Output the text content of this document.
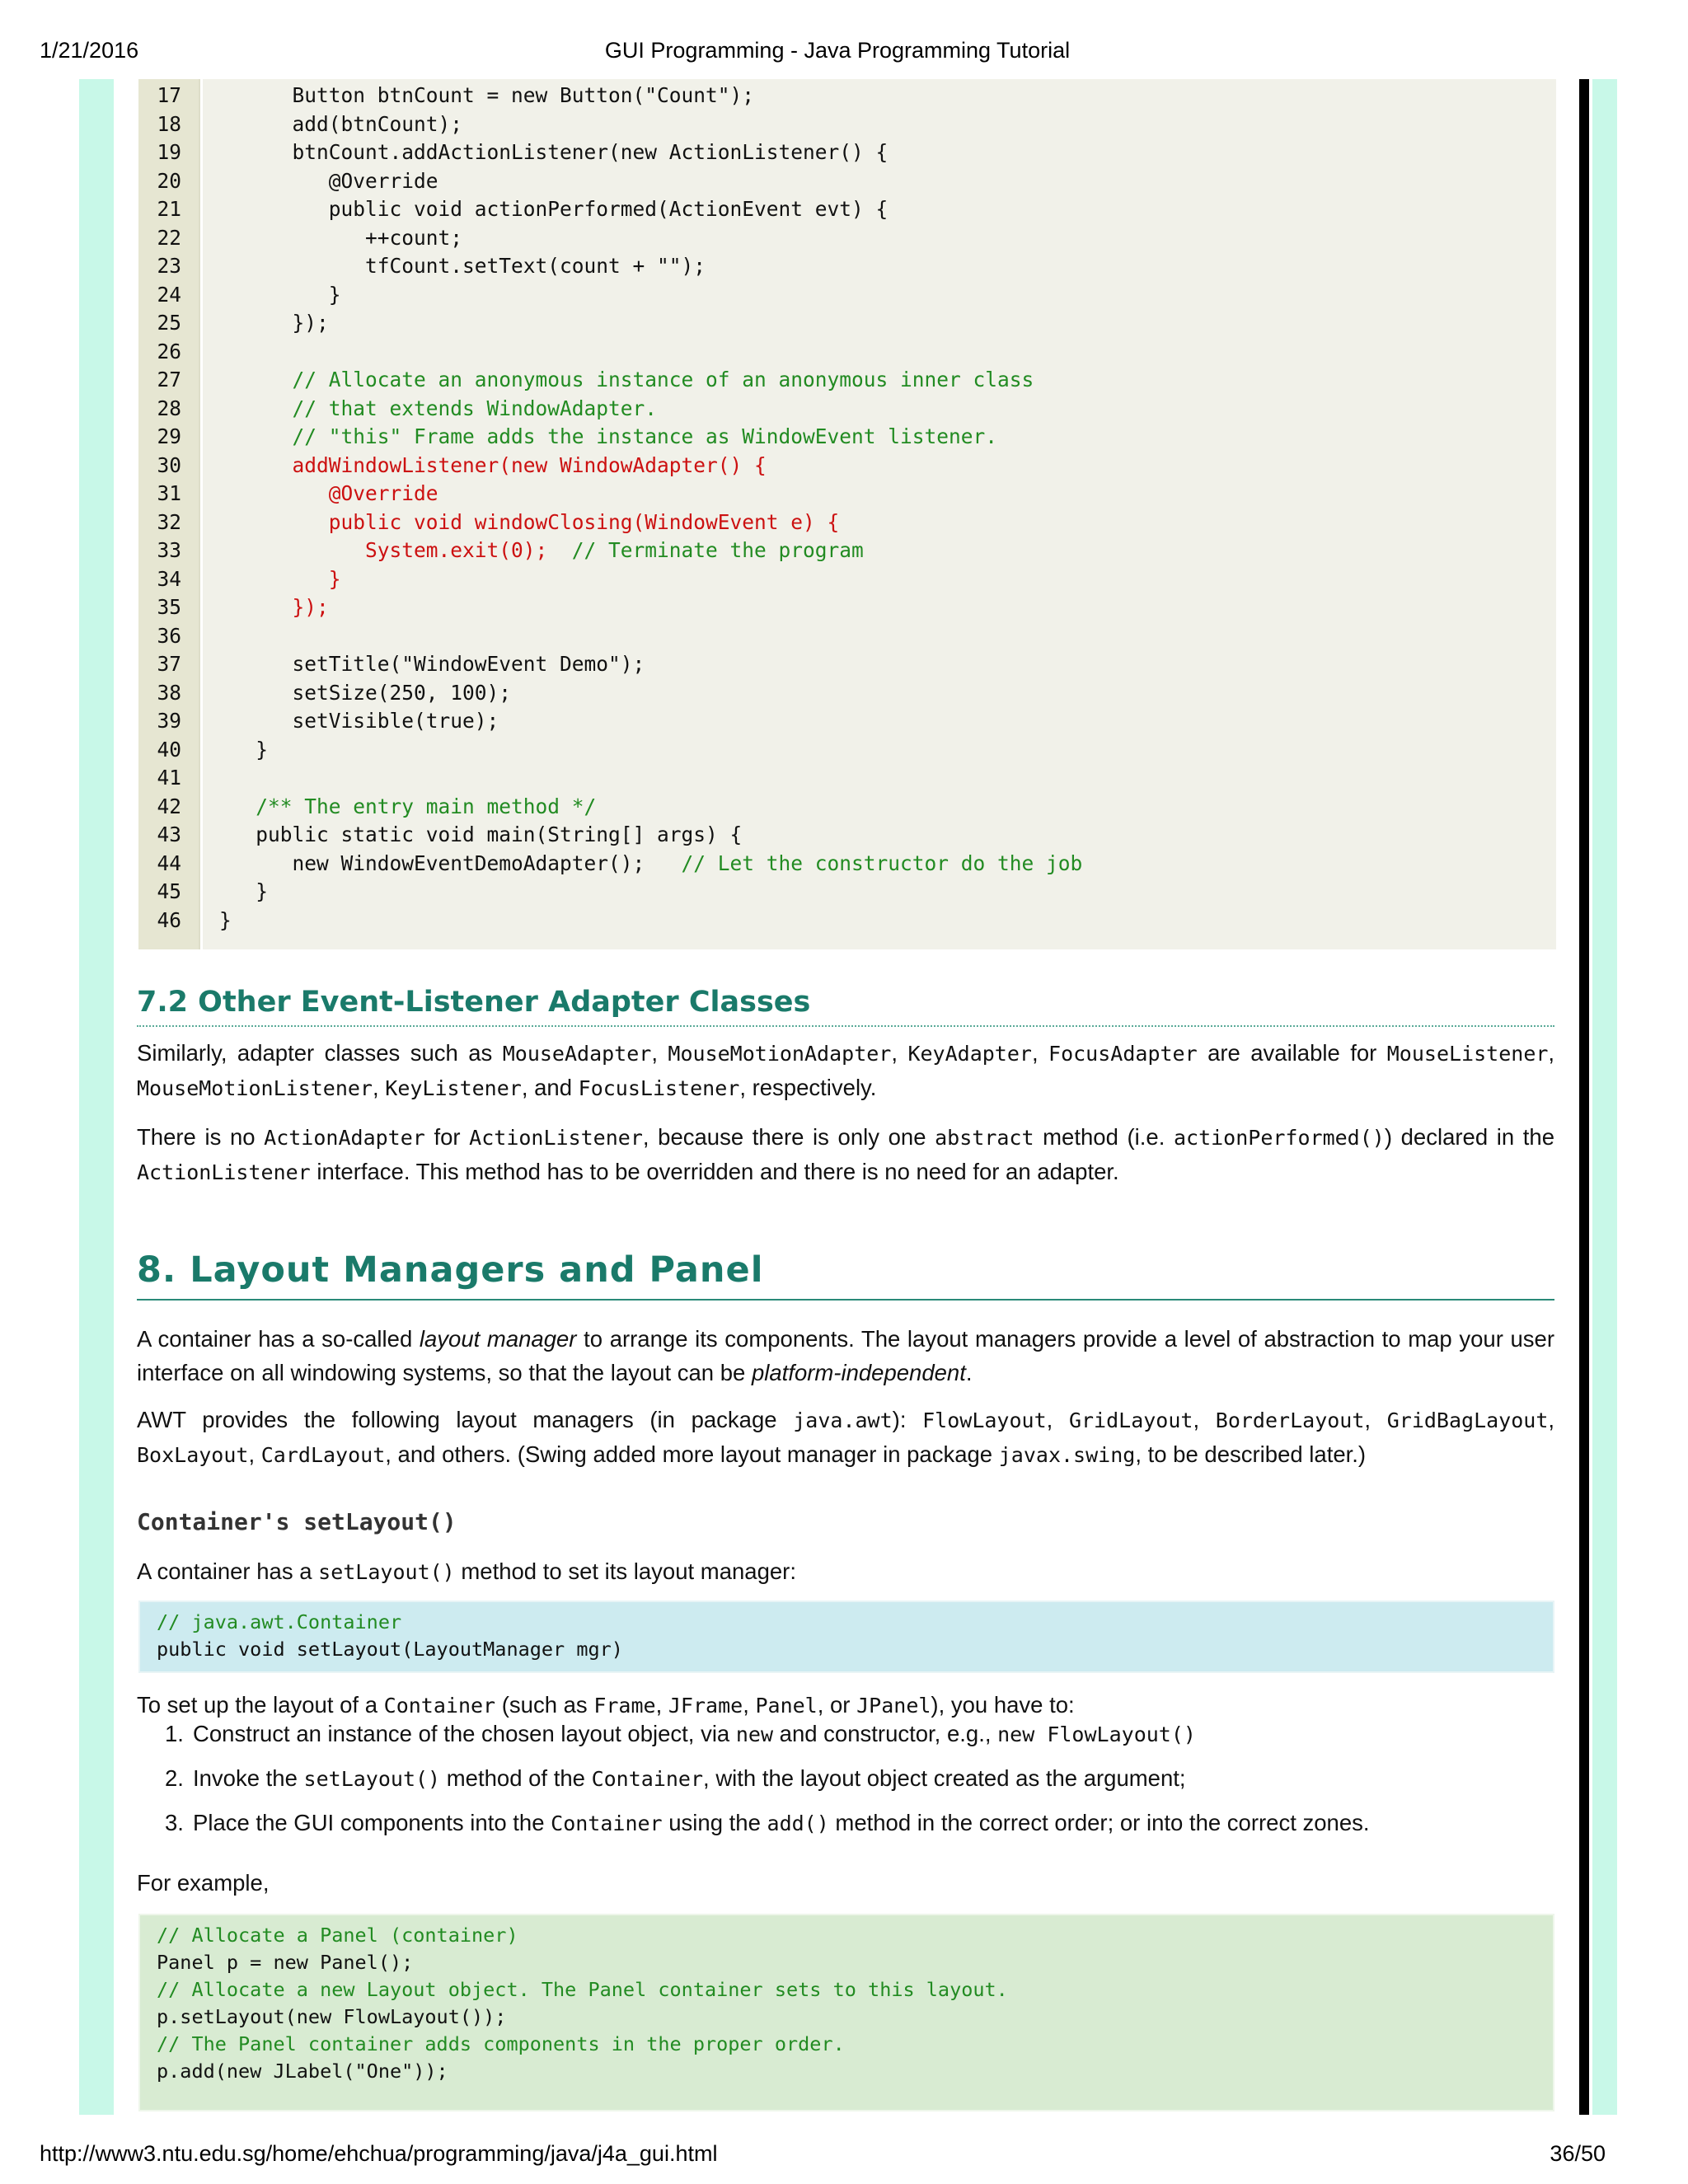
1/21/2016	GUI Programming - Java Programming Tutorial
17 Button btnCount = new Button("Count");
18 add(btnCount);
19 btnCount.addActionListener(new ActionListener() {
20 @Override
21 public void actionPerformed(ActionEvent evt) {
22 ++count;
23 tfCount.setText(count + "");
24 }
25 });
26
27 // Allocate an anonymous instance of an anonymous inner class
28 // that extends WindowAdapter.
29 // "this" Frame adds the instance as WindowEvent listener.
30 addWindowListener(new WindowAdapter() {
31 @Override
32 public void windowClosing(WindowEvent e) {
33 System.exit(0);  // Terminate the program
34 }
35 });
36
37 setTitle("WindowEvent Demo");
38 setSize(250, 100);
39 setVisible(true);
40 }
41
42 /** The entry main method */
43 public static void main(String[] args) {
44 new WindowEventDemoAdapter();   // Let the constructor do the job
45 }
46 }
7.2 Other Event-Listener Adapter Classes

Similarly, adapter classes such as MouseAdapter, MouseMotionAdapter, KeyAdapter, FocusAdapter are available for MouseListener, MouseMotionListener, KeyListener, and FocusListener, respectively.

There is no ActionAdapter for ActionListener, because there is only one abstract method (i.e. actionPerformed()) declared in the ActionListener interface. This method has to be overridden and there is no need for an adapter.

8. Layout Managers and Panel

A container has a so-called layout manager to arrange its components. The layout managers provide a level of abstraction to map your user interface on all windowing systems, so that the layout can be platform-independent.

AWT provides the following layout managers (in package java.awt): FlowLayout, GridLayout, BorderLayout, GridBagLayout, BoxLayout, CardLayout, and others. (Swing added more layout manager in package javax.swing, to be described later.)

Container's setLayout()

A container has a setLayout() method to set its layout manager:

// java.awt.Container
public void setLayout(LayoutManager mgr)

To set up the layout of a Container (such as Frame, JFrame, Panel, or JPanel), you have to:

1. Construct an instance of the chosen layout object, via new and constructor, e.g., new FlowLayout()
2. Invoke the setLayout() method of the Container, with the layout object created as the argument;
3. Place the GUI components into the Container using the add() method in the correct order; or into the correct zones.

For example,

// Allocate a Panel (container)
Panel p = new Panel();
// Allocate a new Layout object. The Panel container sets to this layout.
p.setLayout(new FlowLayout());
// The Panel container adds components in the proper order.
p.add(new JLabel("One"));
http://www3.ntu.edu.sg/home/ehchua/programming/java/j4a_gui.html	36/50
